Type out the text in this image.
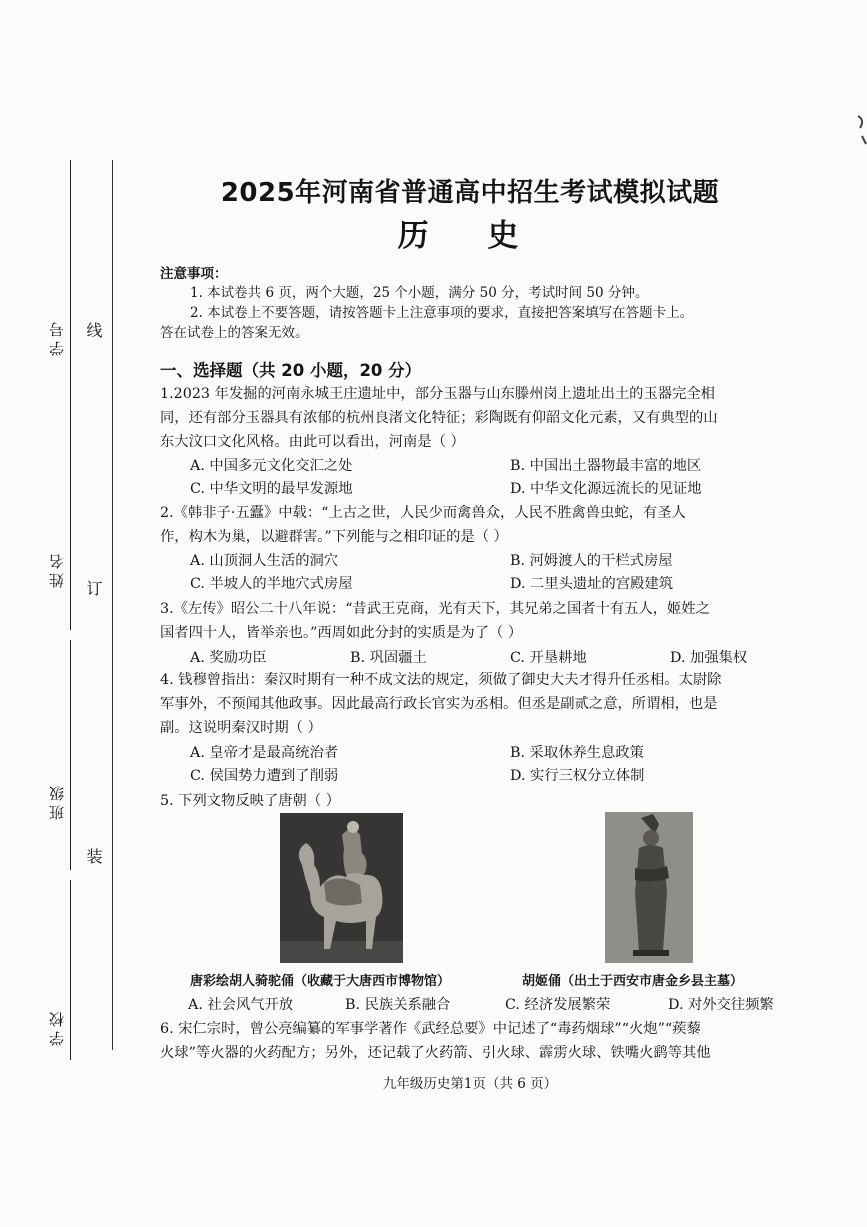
学号
姓名
班级
学校
线
订
装
2025年河南省普通高中招生考试模拟试题
历 史
注意事项：
1. 本试卷共 6 页，两个大题，25 个小题，满分 50 分，考试时间 50 分钟。
2. 本试卷上不要答题，请按答题卡上注意事项的要求，直接把答案填写在答题卡上。
答在试卷上的答案无效。
一、选择题（共 20 小题，20 分）
1.2023 年发掘的河南永城王庄遗址中，部分玉器与山东滕州岗上遗址出土的玉器完全相
同，还有部分玉器具有浓郁的杭州良渚文化特征；彩陶既有仰韶文化元素，又有典型的山
东大汶口文化风格。由此可以看出，河南是（ ）
A. 中国多元文化交汇之处	B. 中国出土器物最丰富的地区
C. 中华文明的最早发源地	D. 中华文化源远流长的见证地
2.《韩非子·五蠹》中载：“上古之世，人民少而禽兽众，人民不胜禽兽虫蛇，有圣人
作，构木为巢，以避群害。”下列能与之相印证的是（ ）
A. 山顶洞人生活的洞穴	B. 河姆渡人的干栏式房屋
C. 半坡人的半地穴式房屋	D. 二里头遗址的宫殿建筑
3.《左传》昭公二十八年说：“昔武王克商，光有天下，其兄弟之国者十有五人，姬姓之
国者四十人，皆举亲也。”西周如此分封的实质是为了（ ）
A. 奖励功臣	B. 巩固疆土	C. 开垦耕地	D. 加强集权
4. 钱穆曾指出：秦汉时期有一种不成文法的规定，须做了御史大夫才得升任丞相。太尉除
军事外，不预闻其他政事。因此最高行政长官实为丞相。但丞是副贰之意，所谓相，也是
副。这说明秦汉时期（ ）
A. 皇帝才是最高统治者	B. 采取休养生息政策
C. 侯国势力遭到了削弱	D. 实行三权分立体制
5. 下列文物反映了唐朝（ ）
唐彩绘胡人骑驼俑（收藏于大唐西市博物馆）	胡姬俑（出土于西安市唐金乡县主墓）
A. 社会风气开放	B. 民族关系融合	C. 经济发展繁荣	D. 对外交往频繁
6. 宋仁宗时，曾公亮编纂的军事学著作《武经总要》中记述了“毒药烟球”“火炮”“蒺藜
火球”等火器的火药配方；另外，还记载了火药箭、引火球、霹雳火球、铁嘴火鹞等其他
九年级历史第1页（共 6 页）
